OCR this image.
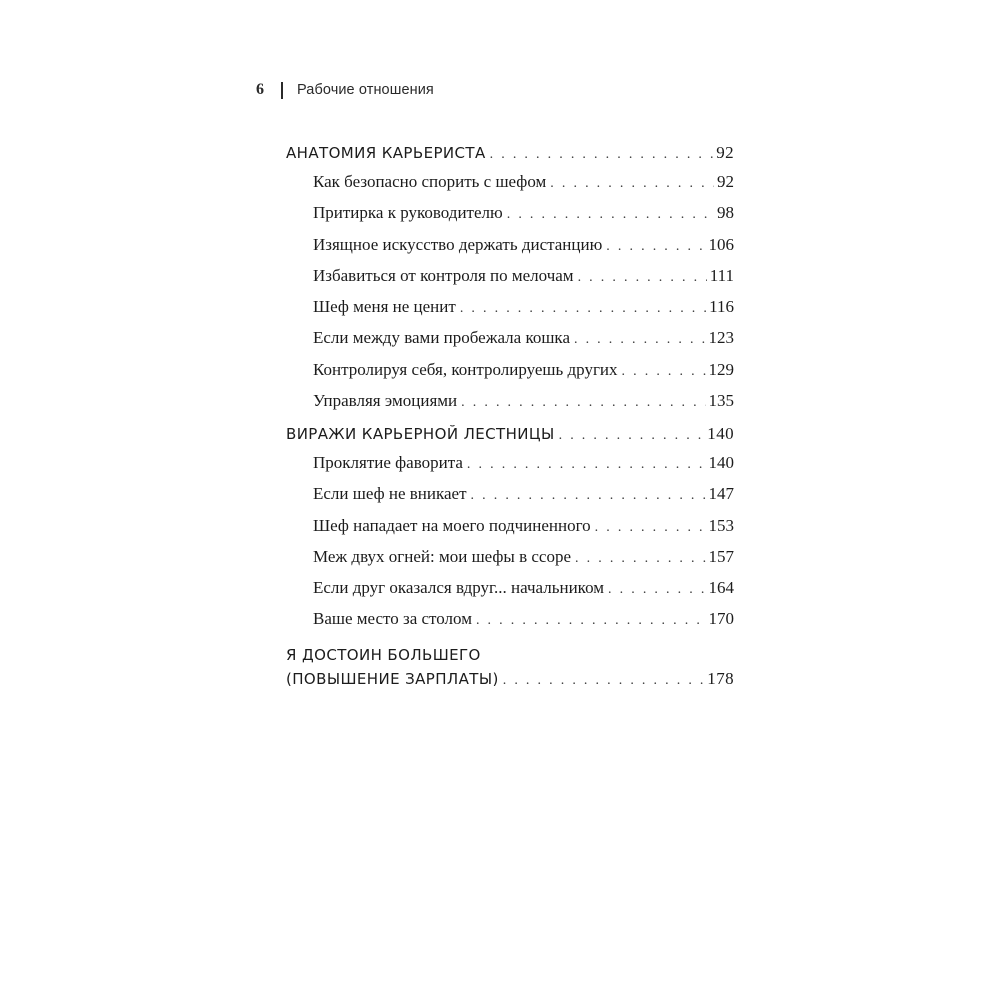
6 Рабочие отношения
АНАТОМИЯ КАРЬЕРИСТА . . .	92
Как безопасно спорить с шефом . . .	92
Притирка к руководителю . . .	98
Изящное искусство держать дистанцию . . .	106
Избавиться от контроля по мелочам . . .	111
Шеф меня не ценит . . .	116
Если между вами пробежала кошка . . .	123
Контролируя себя, контролируешь других . . .	129
Управляя эмоциями . . .	135
ВИРАЖИ КАРЬЕРНОЙ ЛЕСТНИЦЫ . . .	140
Проклятие фаворита . . .	140
Если шеф не вникает . . .	147
Шеф нападает на моего подчиненного . . .	153
Меж двух огней: мои шефы в ссоре . . .	157
Если друг оказался вдруг... начальником . . .	164
Ваше место за столом . . .	170
Я ДОСТОИН БОЛЬШЕГО
(ПОВЫШЕНИЕ ЗАРПЛАТЫ) . . .	178
